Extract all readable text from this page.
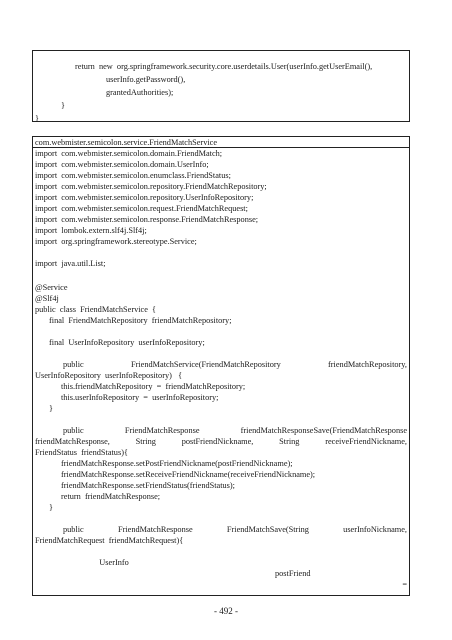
return  new  org.springframework.security.core.userdetails.User(userInfo.getUserEmail(),
userInfo.getPassword(),
grantedAuthorities);
}
}
com.webmister.semicolon.service.FriendMatchService
import  com.webmister.semicolon.domain.FriendMatch;
import  com.webmister.semicolon.domain.UserInfo;
import  com.webmister.semicolon.enumclass.FriendStatus;
import  com.webmister.semicolon.repository.FriendMatchRepository;
import  com.webmister.semicolon.repository.UserInfoRepository;
import  com.webmister.semicolon.request.FriendMatchRequest;
import  com.webmister.semicolon.response.FriendMatchResponse;
import  lombok.extern.slf4j.Slf4j;
import  org.springframework.stereotype.Service;
import  java.util.List;
@Service
@Slf4j
public  class  FriendMatchService  {
final  FriendMatchRepository  friendMatchRepository;
final  UserInfoRepository  userInfoRepository;
public	FriendMatchService(FriendMatchRepository	friendMatchRepository,
UserInfoRepository  userInfoRepository)   {
this.friendMatchRepository  =  friendMatchRepository;
this.userInfoRepository  =  userInfoRepository;
}
public	FriendMatchResponse	friendMatchResponseSave(FriendMatchResponse
friendMatchResponse,	String	postFriendNickname,	String	receiveFriendNickname,
FriendStatus  friendStatus){
friendMatchResponse.setPostFriendNickname(postFriendNickname);
friendMatchResponse.setReceiveFriendNickname(receiveFriendNickname);
friendMatchResponse.setFriendStatus(friendStatus);
return  friendMatchResponse;
}
public	FriendMatchResponse	FriendMatchSave(String	userInfoNickname,
FriendMatchRequest  friendMatchRequest){

UserInfo

postFriend

=

- 492 -
